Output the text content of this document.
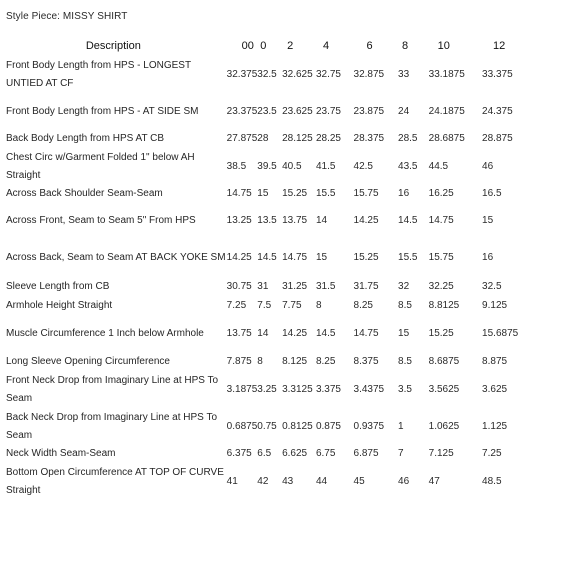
Style Piece: MISSY SHIRT
Description	00	0	2	4	6	8	10	12	
Front Body Length from HPS - LONGEST UNTIED AT CF	32.375	32.5	32.625	32.75	32.875	33	33.1875	33.375	
Front Body Length from HPS - AT SIDE SM	23.375	23.5	23.625	23.75	23.875	24	24.1875	24.375	
Back Body Length from HPS AT CB	27.875	28	28.125	28.25	28.375	28.5	28.6875	28.875	
Chest Circ w/Garment Folded 1" below AH Straight	38.5	39.5	40.5	41.5	42.5	43.5	44.5	46	
Across Back Shoulder Seam-Seam	14.75	15	15.25	15.5	15.75	16	16.25	16.5	
Across Front, Seam to Seam 5" From HPS	13.25	13.5	13.75	14	14.25	14.5	14.75	15	
Across Back, Seam to Seam AT BACK YOKE SM	14.25	14.5	14.75	15	15.25	15.5	15.75	16	
Sleeve Length from CB	30.75	31	31.25	31.5	31.75	32	32.25	32.5	
Armhole Height Straight	7.25	7.5	7.75	8	8.25	8.5	8.8125	9.125	
Muscle Circumference 1 Inch below Armhole	13.75	14	14.25	14.5	14.75	15	15.25	15.6875	
Long Sleeve Opening Circumference	7.875	8	8.125	8.25	8.375	8.5	8.6875	8.875	
Front Neck Drop from Imaginary Line at HPS To Seam	3.1875	3.25	3.3125	3.375	3.4375	3.5	3.5625	3.625	
Back Neck Drop from Imaginary Line at HPS To Seam	0.6875	0.75	0.8125	0.875	0.9375	1	1.0625	1.125	
Neck Width Seam-Seam	6.375	6.5	6.625	6.75	6.875	7	7.125	7.25	
Bottom Open Circumference AT TOP OF CURVE Straight	41	42	43	44	45	46	47	48.5	
